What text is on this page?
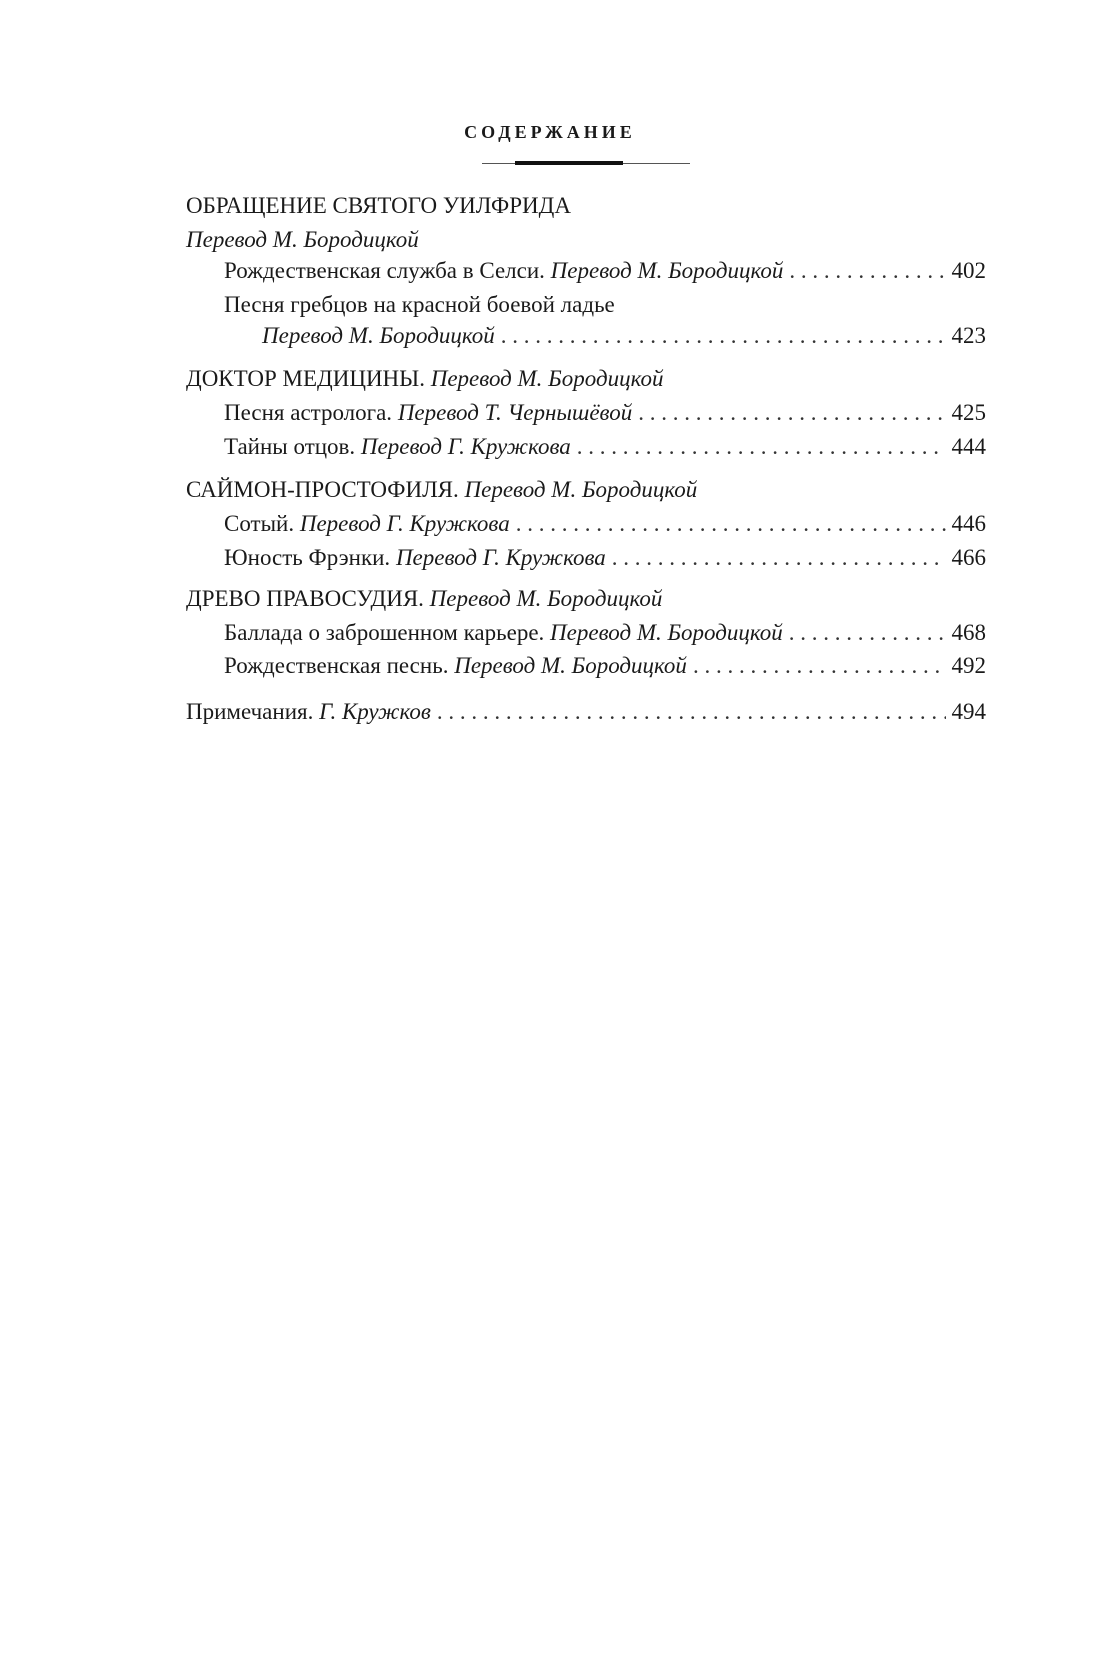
СОДЕРЖАНИЕ
ОБРАЩЕНИЕ СВЯТОГО УИЛФРИДА
Перевод М. Бородицкой
Рождественская служба в Селси. Перевод М. Бородицкой . . .	402
Песня гребцов на красной боевой ладье
Перевод М. Бородицкой . . .	423
ДОКТОР МЕДИЦИНЫ. Перевод М. Бородицкой
Песня астролога. Перевод Т. Чернышёвой . . .	425
Тайны отцов. Перевод Г. Кружкова . . .	444
САЙМОН-ПРОСТОФИЛЯ. Перевод М. Бородицкой
Сотый. Перевод Г. Кружкова . . .	446
Юность Фрэнки. Перевод Г. Кружкова . . .	466
ДРЕВО ПРАВОСУДИЯ. Перевод М. Бородицкой
Баллада о заброшенном карьере. Перевод М. Бородицкой . . .	468
Рождественская песнь. Перевод М. Бородицкой . . .	492
Примечания. Г. Кружков . . .	494
